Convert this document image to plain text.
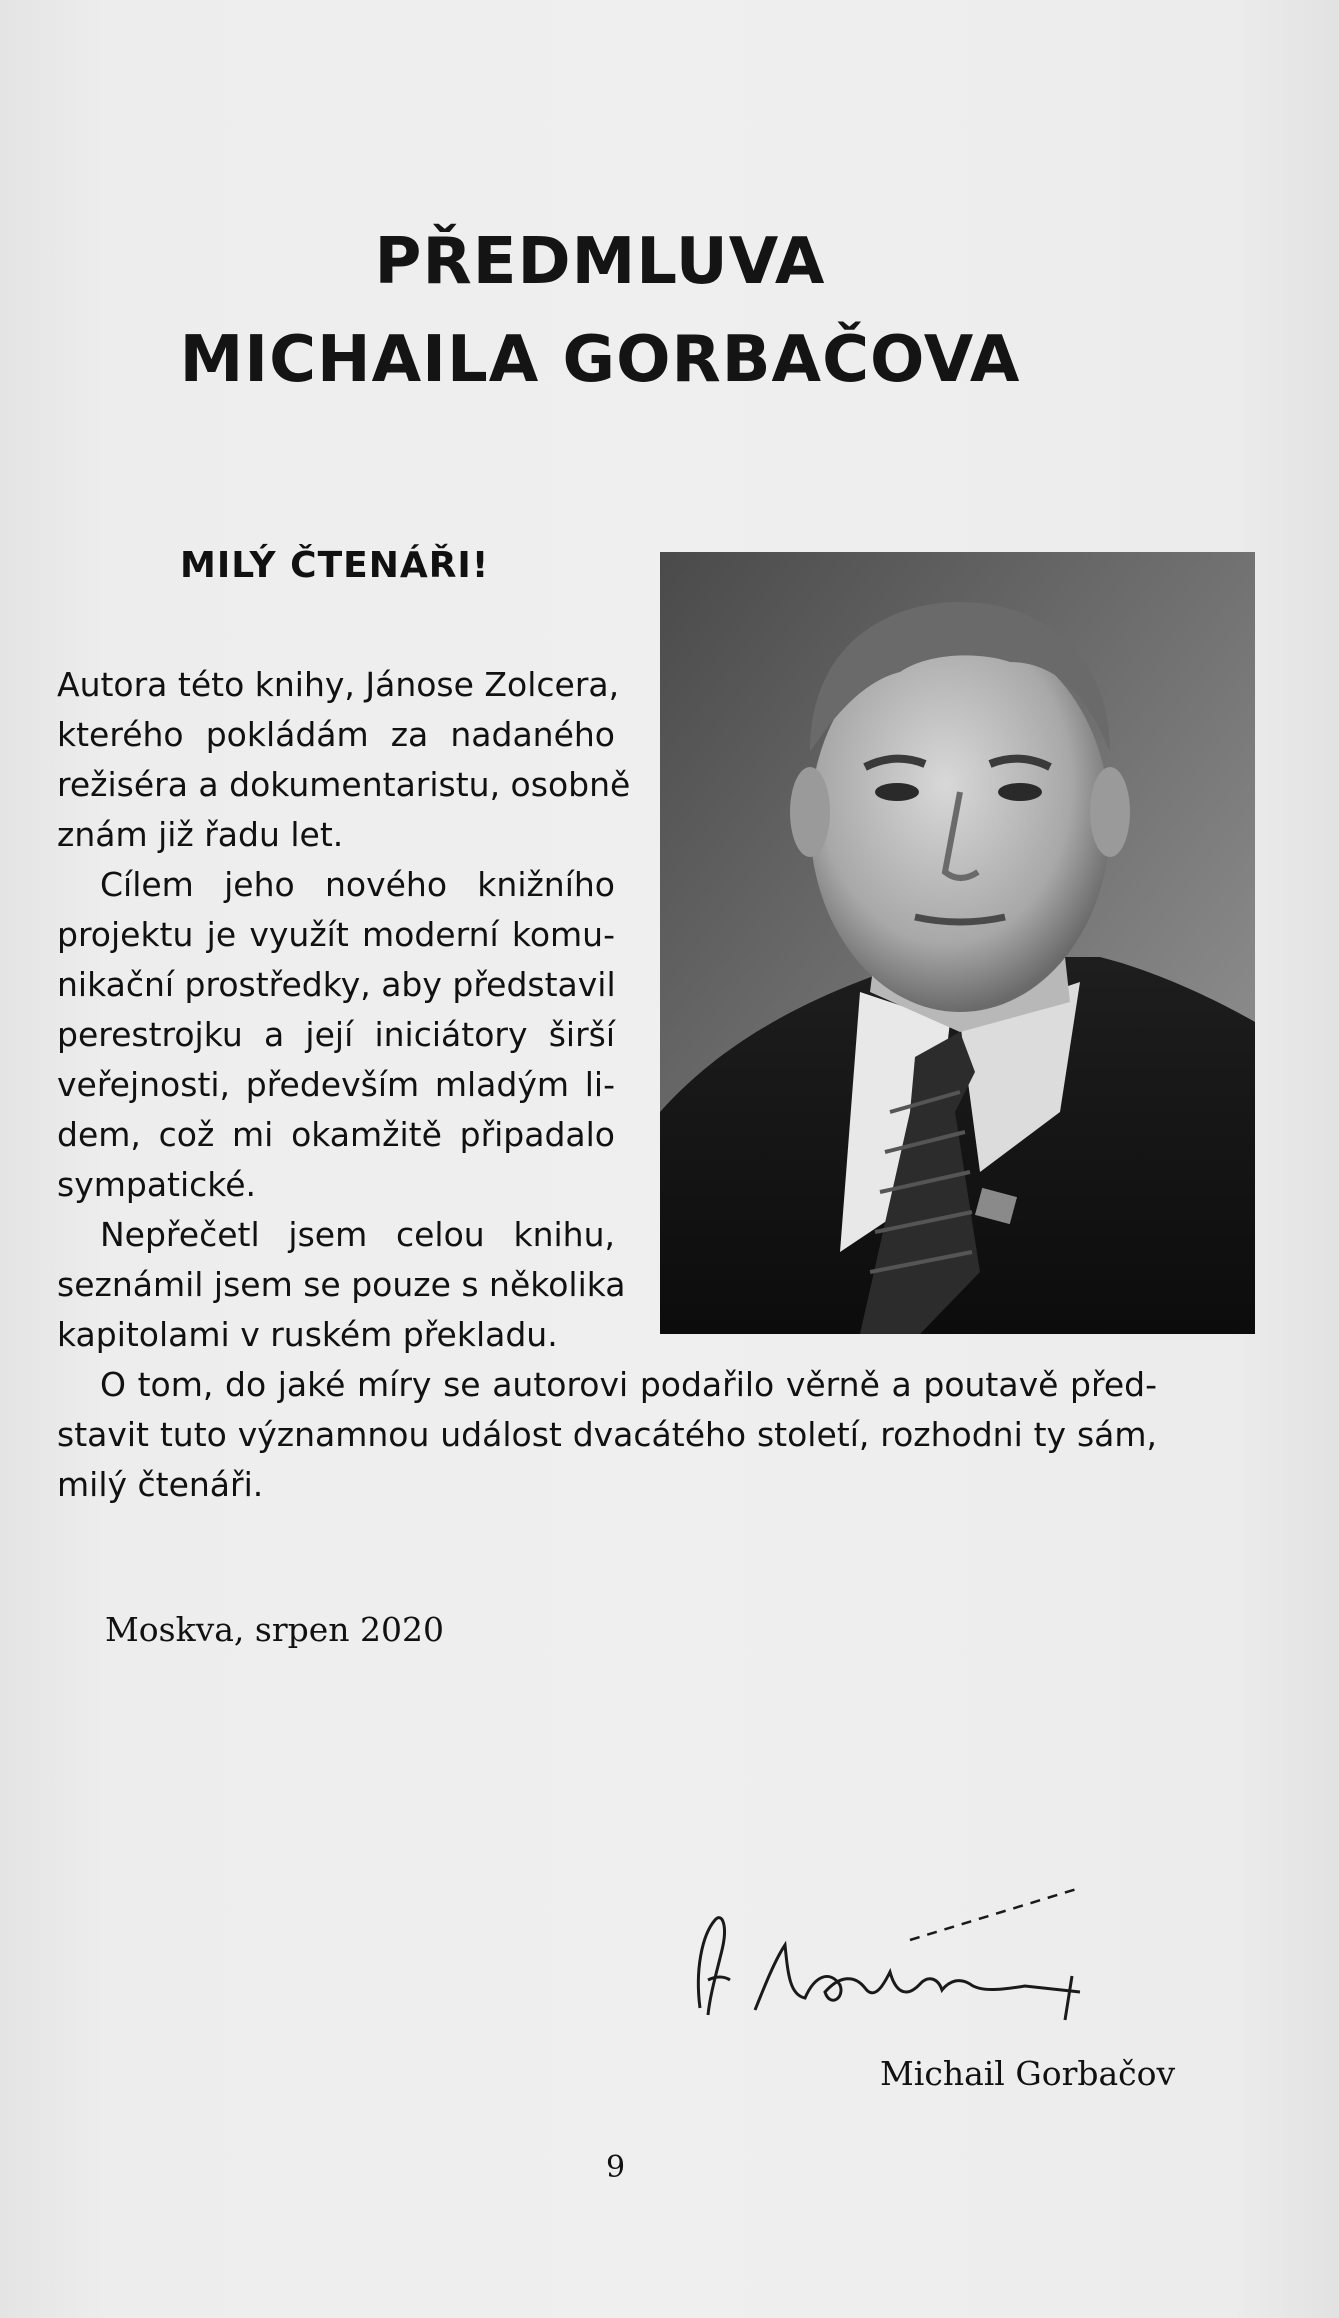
PŘEDMLUVA
MICHAILA GORBAČOVA
MILÝ ČTENÁŘI!

Autora této knihy, Jánose Zolcera,

kterého pokládám za nadaného

režiséra a dokumentaristu, osobně

znám již řadu let.

Cílem jeho nového knižního

projektu je využít moderní komu-

nikační prostředky, aby představil

perestrojku a její iniciátory širší

veřejnosti, především mladým li-

dem, což mi okamžitě připadalo

sympatické.

Nepřečetl jsem celou knihu,

seznámil jsem se pouze s několika

kapitolami v ruském překladu.

O tom, do jaké míry se autorovi podařilo věrně a poutavě před-

stavit tuto významnou událost dvacátého století, rozhodni ty sám,

milý čtenáři.

Moskva, srpen 2020

Michail Gorbačov

9
